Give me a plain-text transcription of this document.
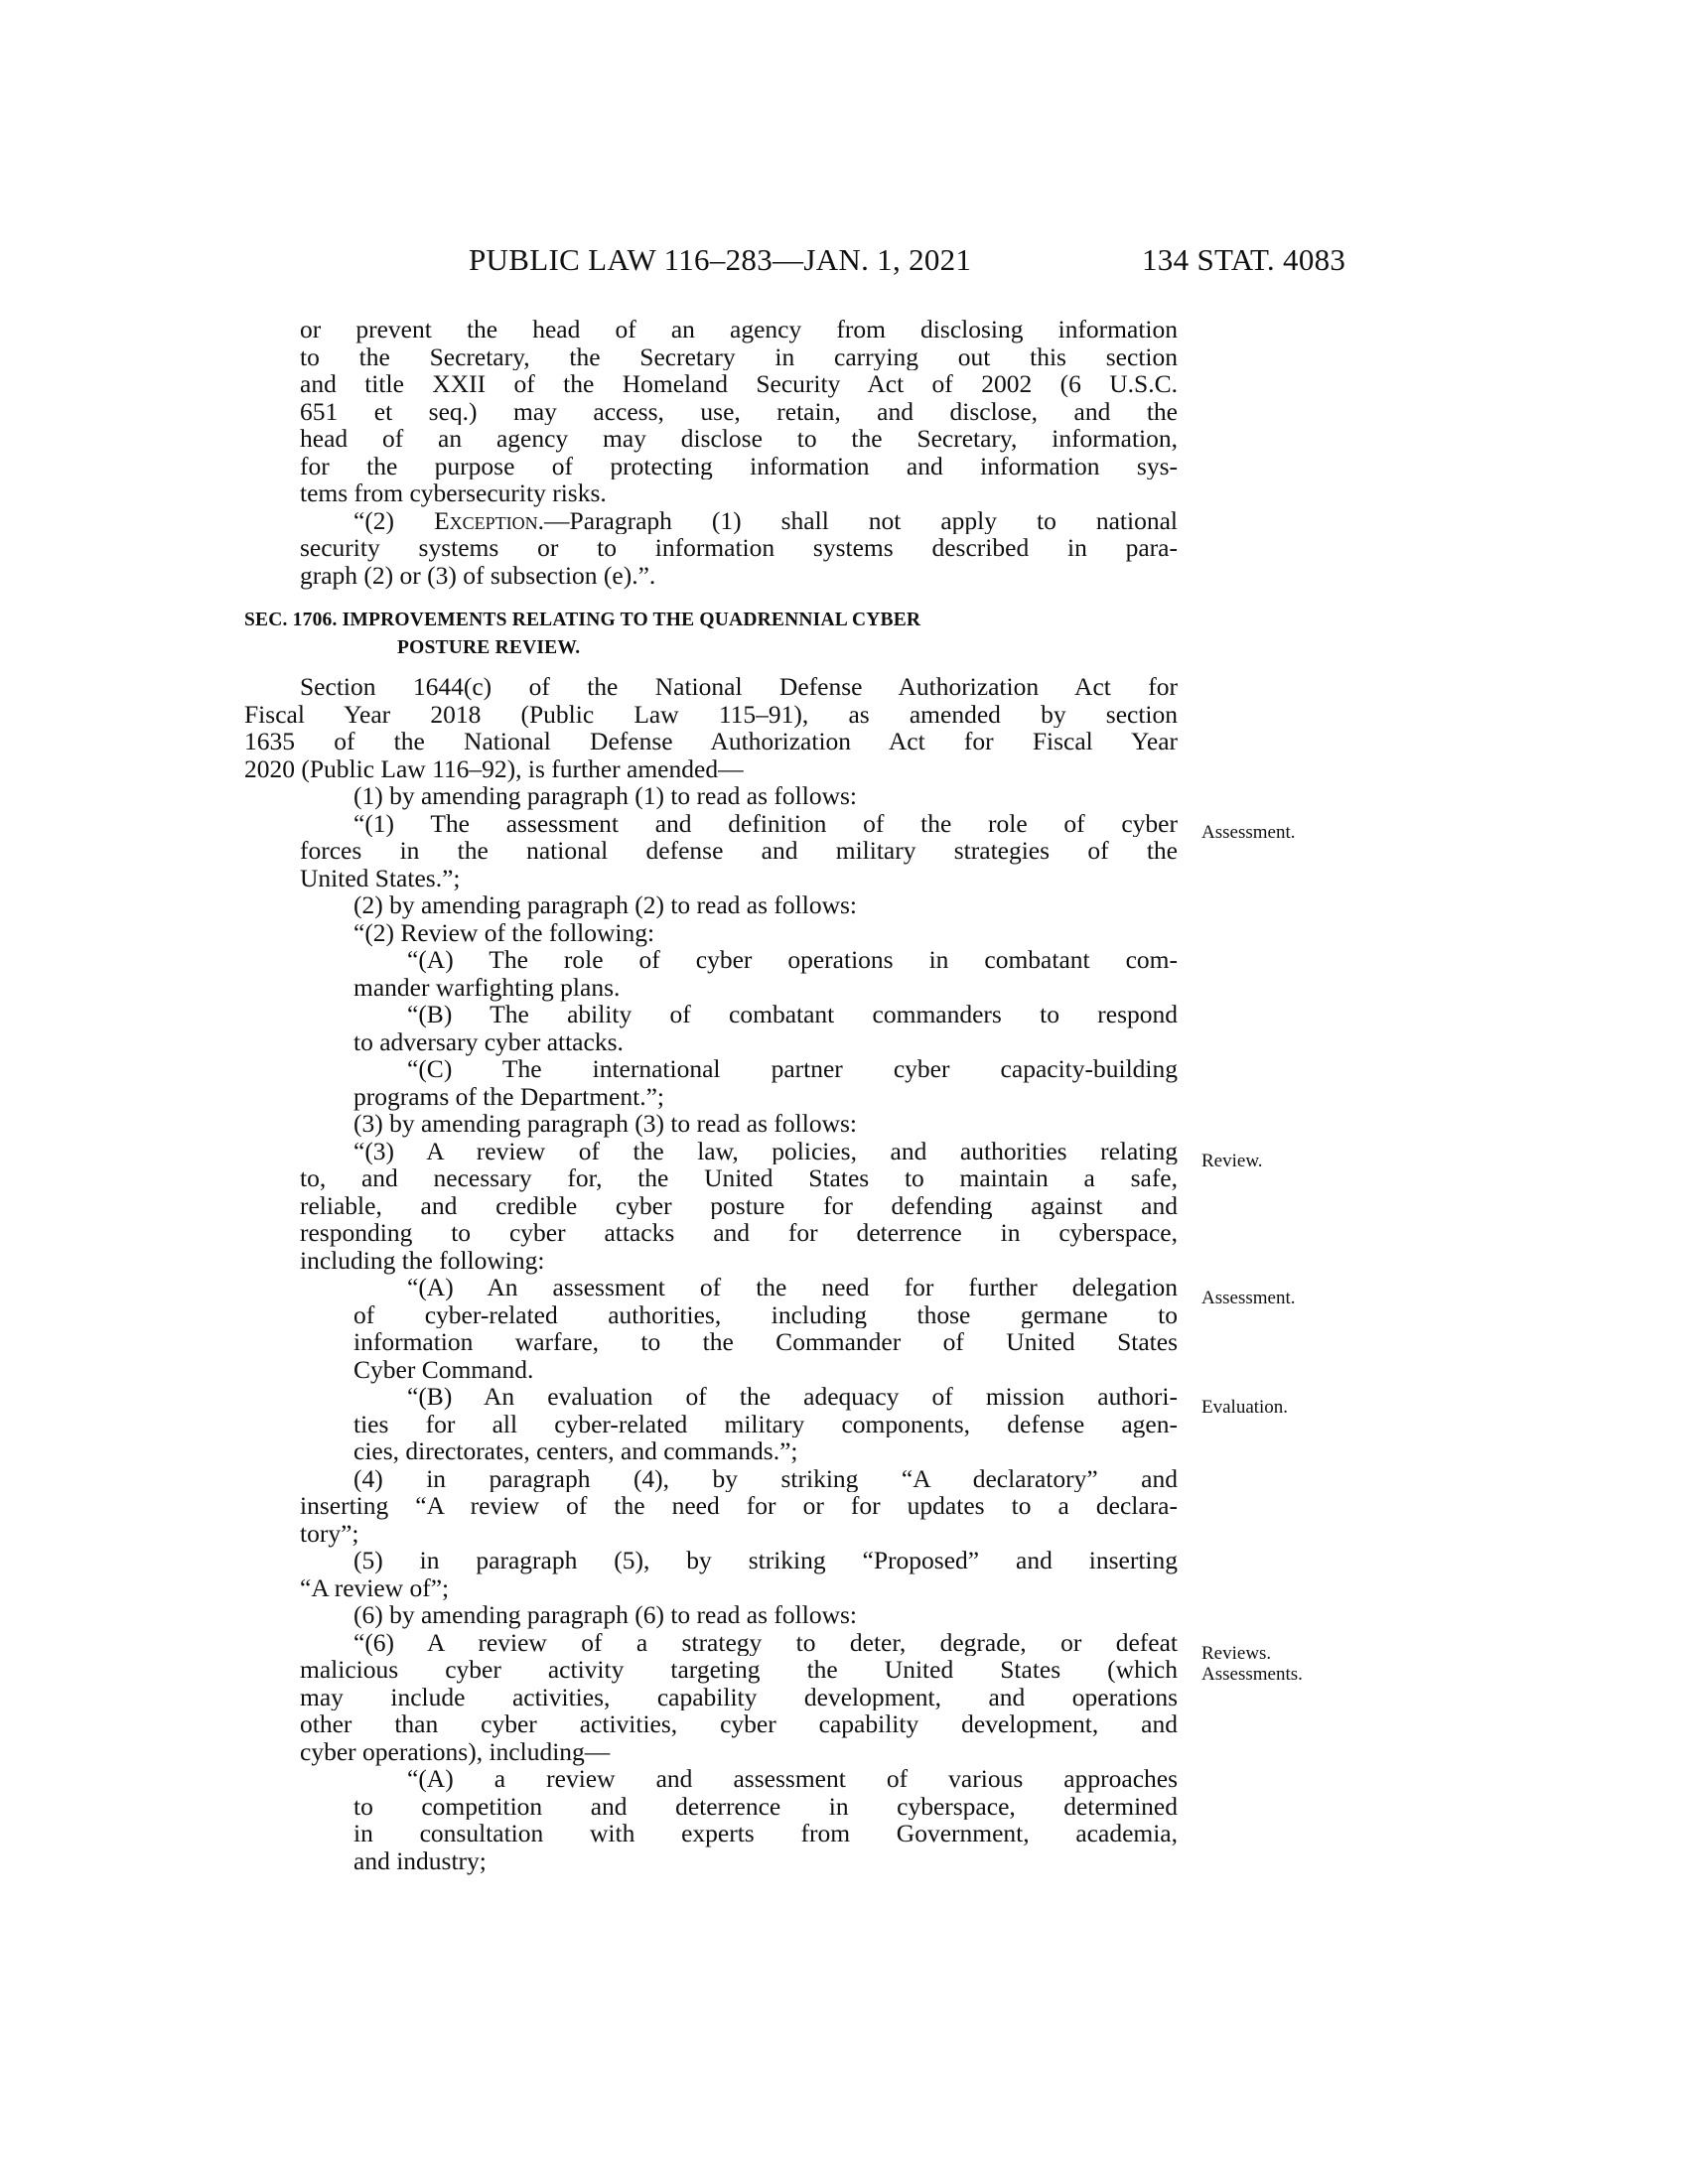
PUBLIC LAW 116–283—JAN. 1, 2021	134 STAT. 4083
or prevent the head of an agency from disclosing information
to the Secretary, the Secretary in carrying out this section
and title XXII of the Homeland Security Act of 2002 (6 U.S.C.
651 et seq.) may access, use, retain, and disclose, and the
head of an agency may disclose to the Secretary, information,
for the purpose of protecting information and information sys-
tems from cybersecurity risks.
“(2) Exception.—Paragraph (1) shall not apply to national
security systems or to information systems described in para-
graph (2) or (3) of subsection (e).”.
SEC. 1706. IMPROVEMENTS RELATING TO THE QUADRENNIAL CYBER
POSTURE REVIEW.
Section 1644(c) of the National Defense Authorization Act for
Fiscal Year 2018 (Public Law 115–91), as amended by section
1635 of the National Defense Authorization Act for Fiscal Year
2020 (Public Law 116–92), is further amended—
(1) by amending paragraph (1) to read as follows:
“(1) The assessment and definition of the role of cyber
forces in the national defense and military strategies of the
United States.”;
(2) by amending paragraph (2) to read as follows:
“(2) Review of the following:
“(A) The role of cyber operations in combatant com-
mander warfighting plans.
“(B) The ability of combatant commanders to respond
to adversary cyber attacks.
“(C) The international partner cyber capacity-building
programs of the Department.”;
(3) by amending paragraph (3) to read as follows:
“(3) A review of the law, policies, and authorities relating
to, and necessary for, the United States to maintain a safe,
reliable, and credible cyber posture for defending against and
responding to cyber attacks and for deterrence in cyberspace,
including the following:
“(A) An assessment of the need for further delegation
of cyber-related authorities, including those germane to
information warfare, to the Commander of United States
Cyber Command.
“(B) An evaluation of the adequacy of mission authori-
ties for all cyber-related military components, defense agen-
cies, directorates, centers, and commands.”;
(4) in paragraph (4), by striking “A declaratory” and
inserting “A review of the need for or for updates to a declara-
tory”;
(5) in paragraph (5), by striking “Proposed” and inserting
“A review of”;
(6) by amending paragraph (6) to read as follows:
“(6) A review of a strategy to deter, degrade, or defeat
malicious cyber activity targeting the United States (which
may include activities, capability development, and operations
other than cyber activities, cyber capability development, and
cyber operations), including—
“(A) a review and assessment of various approaches
to competition and deterrence in cyberspace, determined
in consultation with experts from Government, academia,
and industry;
Assessment.
Review.
Assessment.
Evaluation.
Reviews.
Assessments.
